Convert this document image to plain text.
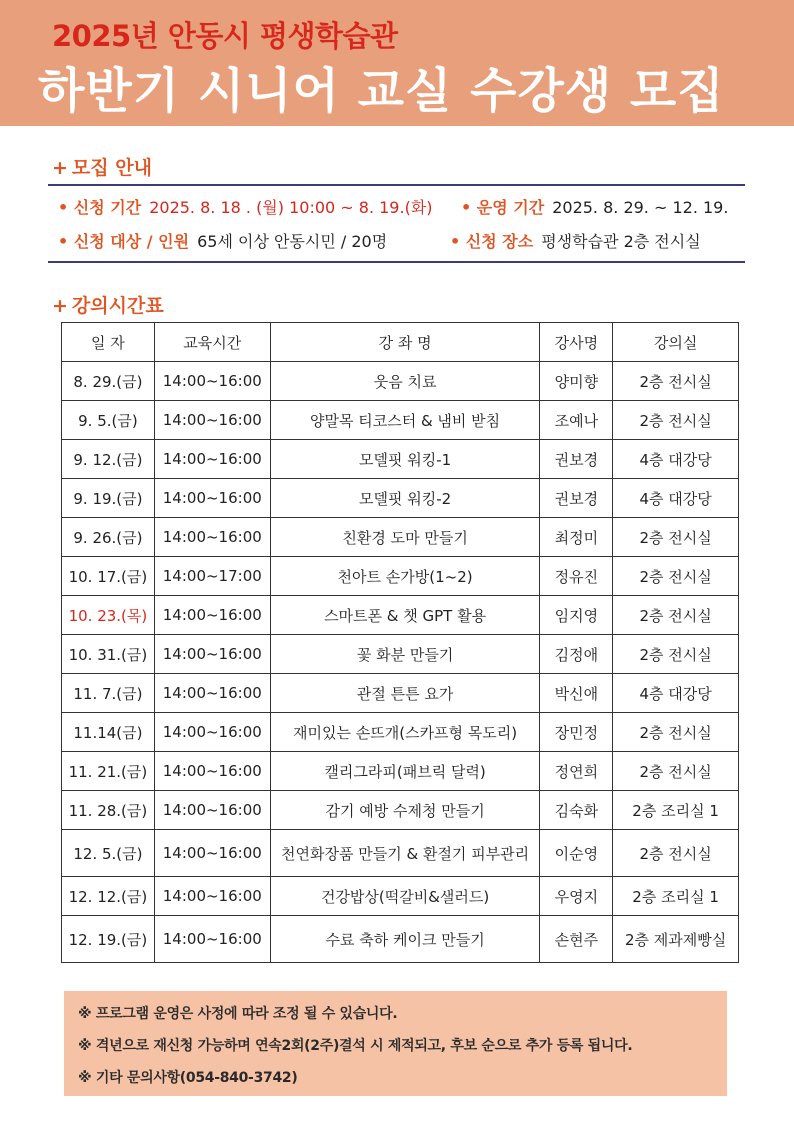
2025년 안동시 평생학습관
하반기 시니어 교실 수강생 모집
+ 모집 안내
• 신청 기간 2025. 8. 18 . (월) 10:00 ~ 8. 19.(화) • 운영 기간 2025. 8. 29. ~ 12. 19.
• 신청 대상 / 인원 65세 이상 안동시민 / 20명	• 신청 장소 평생학습관 2층 전시실
+ 강의시간표
일 자	교육시간	강 좌 명	강사명	강의실
8. 29.(금)	14:00~16:00	웃음 치료	양미향	2층 전시실
9. 5.(금)	14:00~16:00	양말목 티코스터 & 냄비 받침	조예나	2층 전시실
9. 12.(금)	14:00~16:00	모델핏 워킹-1	권보경	4층 대강당
9. 19.(금)	14:00~16:00	모델핏 워킹-2	권보경	4층 대강당
9. 26.(금)	14:00~16:00	친환경 도마 만들기	최정미	2층 전시실
10. 17.(금)	14:00~17:00	천아트 손가방(1~2)	정유진	2층 전시실
10. 23.(목)	14:00~16:00	스마트폰 & 챗 GPT 활용	임지영	2층 전시실
10. 31.(금)	14:00~16:00	꽃 화분 만들기	김정애	2층 전시실
11. 7.(금)	14:00~16:00	관절 튼튼 요가	박신애	4층 대강당
11.14(금)	14:00~16:00	재미있는 손뜨개(스카프형 목도리)	장민정	2층 전시실
11. 21.(금)	14:00~16:00	캘리그라피(패브릭 달력)	정연희	2층 전시실
11. 28.(금)	14:00~16:00	감기 예방 수제청 만들기	김숙화	2층 조리실 1
12. 5.(금)	14:00~16:00	천연화장품 만들기 & 환절기 피부관리	이순영	2층 전시실
12. 12.(금)	14:00~16:00	건강밥상(떡갈비&샐러드)	우영지	2층 조리실 1
12. 19.(금)	14:00~16:00	수료 축하 케이크 만들기	손현주	2층 제과제빵실

※ 프로그램 운영은 사정에 따라 조정 될 수 있습니다.

※ 격년으로 재신청 가능하며 연속2회(2주)결석 시 제적되고, 후보 순으로 추가 등록 됩니다.

※ 기타 문의사항(054-840-3742)
